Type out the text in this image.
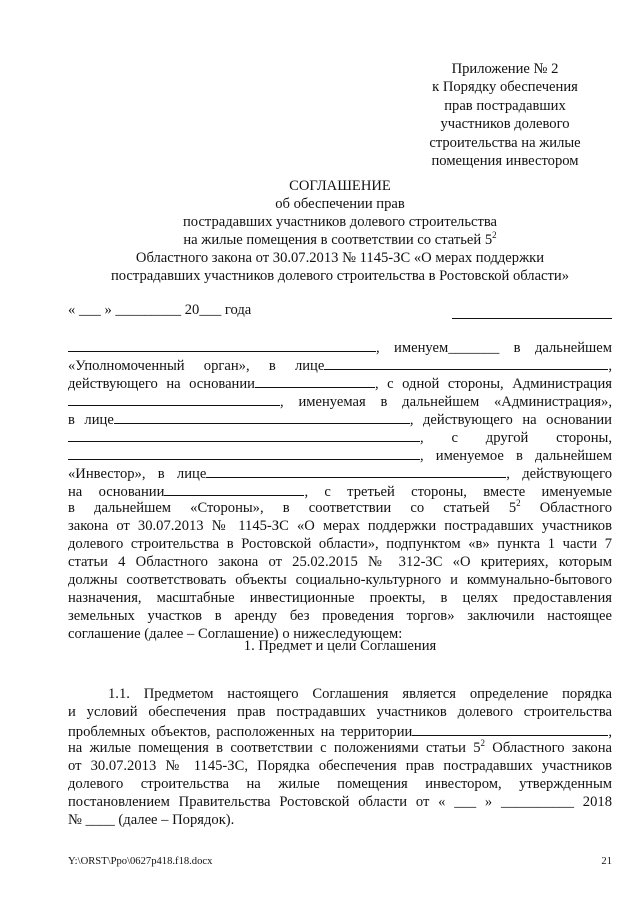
Приложение № 2
к Порядку обеспечения
прав пострадавших
участников долевого
строительства на жилые
помещения инвестором
СОГЛАШЕНИЕ
об обеспечении прав
пострадавших участников долевого строительства
на жилые помещения в соответствии со статьей $5^2$
Областного закона от 30.07.2013 № 1145-ЗС «О мерах поддержки
пострадавших участников долевого строительства в Ростовской области»
« ___ » _________ 20___ года
, именуем_______ в дальнейшем
«Уполномоченный орган», в лице	,
действующего на основании	, с одной стороны, Администрация
, именуемая в дальнейшем «Администрация»,
в лице	, действующего на основании
, с другой стороны,
, именуемое в дальнейшем
«Инвестор», в лице	, действующего
на основании	, с третьей стороны, вместе именуемые
в дальнейшем «Стороны», в соответствии со статьей $5^2$ Областного
закона от 30.07.2013 № 1145-ЗС «О мерах поддержки пострадавших участников
долевого строительства в Ростовской области», подпунктом «в» пункта 1 части 7
статьи 4 Областного закона от 25.02.2015 № 312-ЗС «О критериях, которым
должны соответствовать объекты социально-культурного и коммунально-бытового
назначения, масштабные инвестиционные проекты, в целях предоставления
земельных участков в аренду без проведения торгов» заключили настоящее
соглашение (далее – Соглашение) о нижеследующем:
1. Предмет и цели Соглашения
1.1. Предметом настоящего Соглашения является определение порядка
и условий обеспечения прав пострадавших участников долевого строительства
проблемных объектов, расположенных на территории	,
на жилые помещения в соответствии с положениями статьи $5^2$ Областного закона
от 30.07.2013 № 1145-ЗС, Порядка обеспечения прав пострадавших участников
долевого строительства на жилые помещения инвестором, утвержденным
постановлением Правительства Ростовской области от « ___ » __________ 2018
№ ____ (далее – Порядок).
Y:\ORST\Ppo\0627p418.f18.docx	21
